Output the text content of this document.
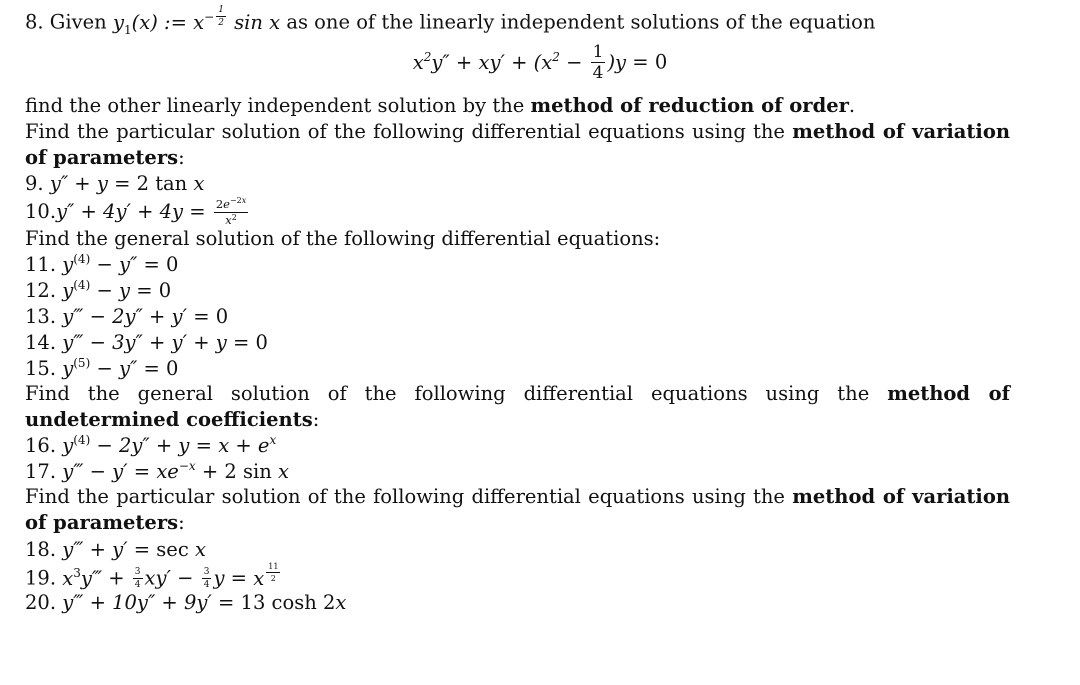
8. Given $y_1(x)$ := $x^{- \frac{1}{2}}$ sin x as one of the linearly independent solutions of the equation
$x^2y'' + xy' + (x^2 - \frac{1}{4} )y = 0$
find the other linearly independent solution by the method of reduction of order.
Find the particular solution of the following differential equations using the method of variation of parameters:
9. y″ + y = 2 tan x
$10.y'' + 4y' + 4y = \frac{2e^{-2x}}{x^2}$
Find the general solution of the following differential equations:
11. $y^{(4)} - y'' = 0$
12. $y^{(4)} - y = 0$
13. y‴ − 2y″ + y′ = 0
14. y‴ − 3y″ + y′ + y = 0
15. $y^{(5)} - y'' = 0$
Find the general solution of the following differential equations using the method of undetermined coefficients:
16. $y^{(4)} - 2y'' + y = x + e^x$
17. y‴ − $y' = xe^{-x} + 2$ sin x
Find the particular solution of the following differential equations using the method of variation of parameters:
18. y‴ + y′ = sec x
19. $x^3y‴ + \frac{3}{4} xy' - \frac{3}{4}$ y = x $^{\frac{11}{2}}$
20. y‴ + 10y″ + 9y′ = 13 cosh 2x
